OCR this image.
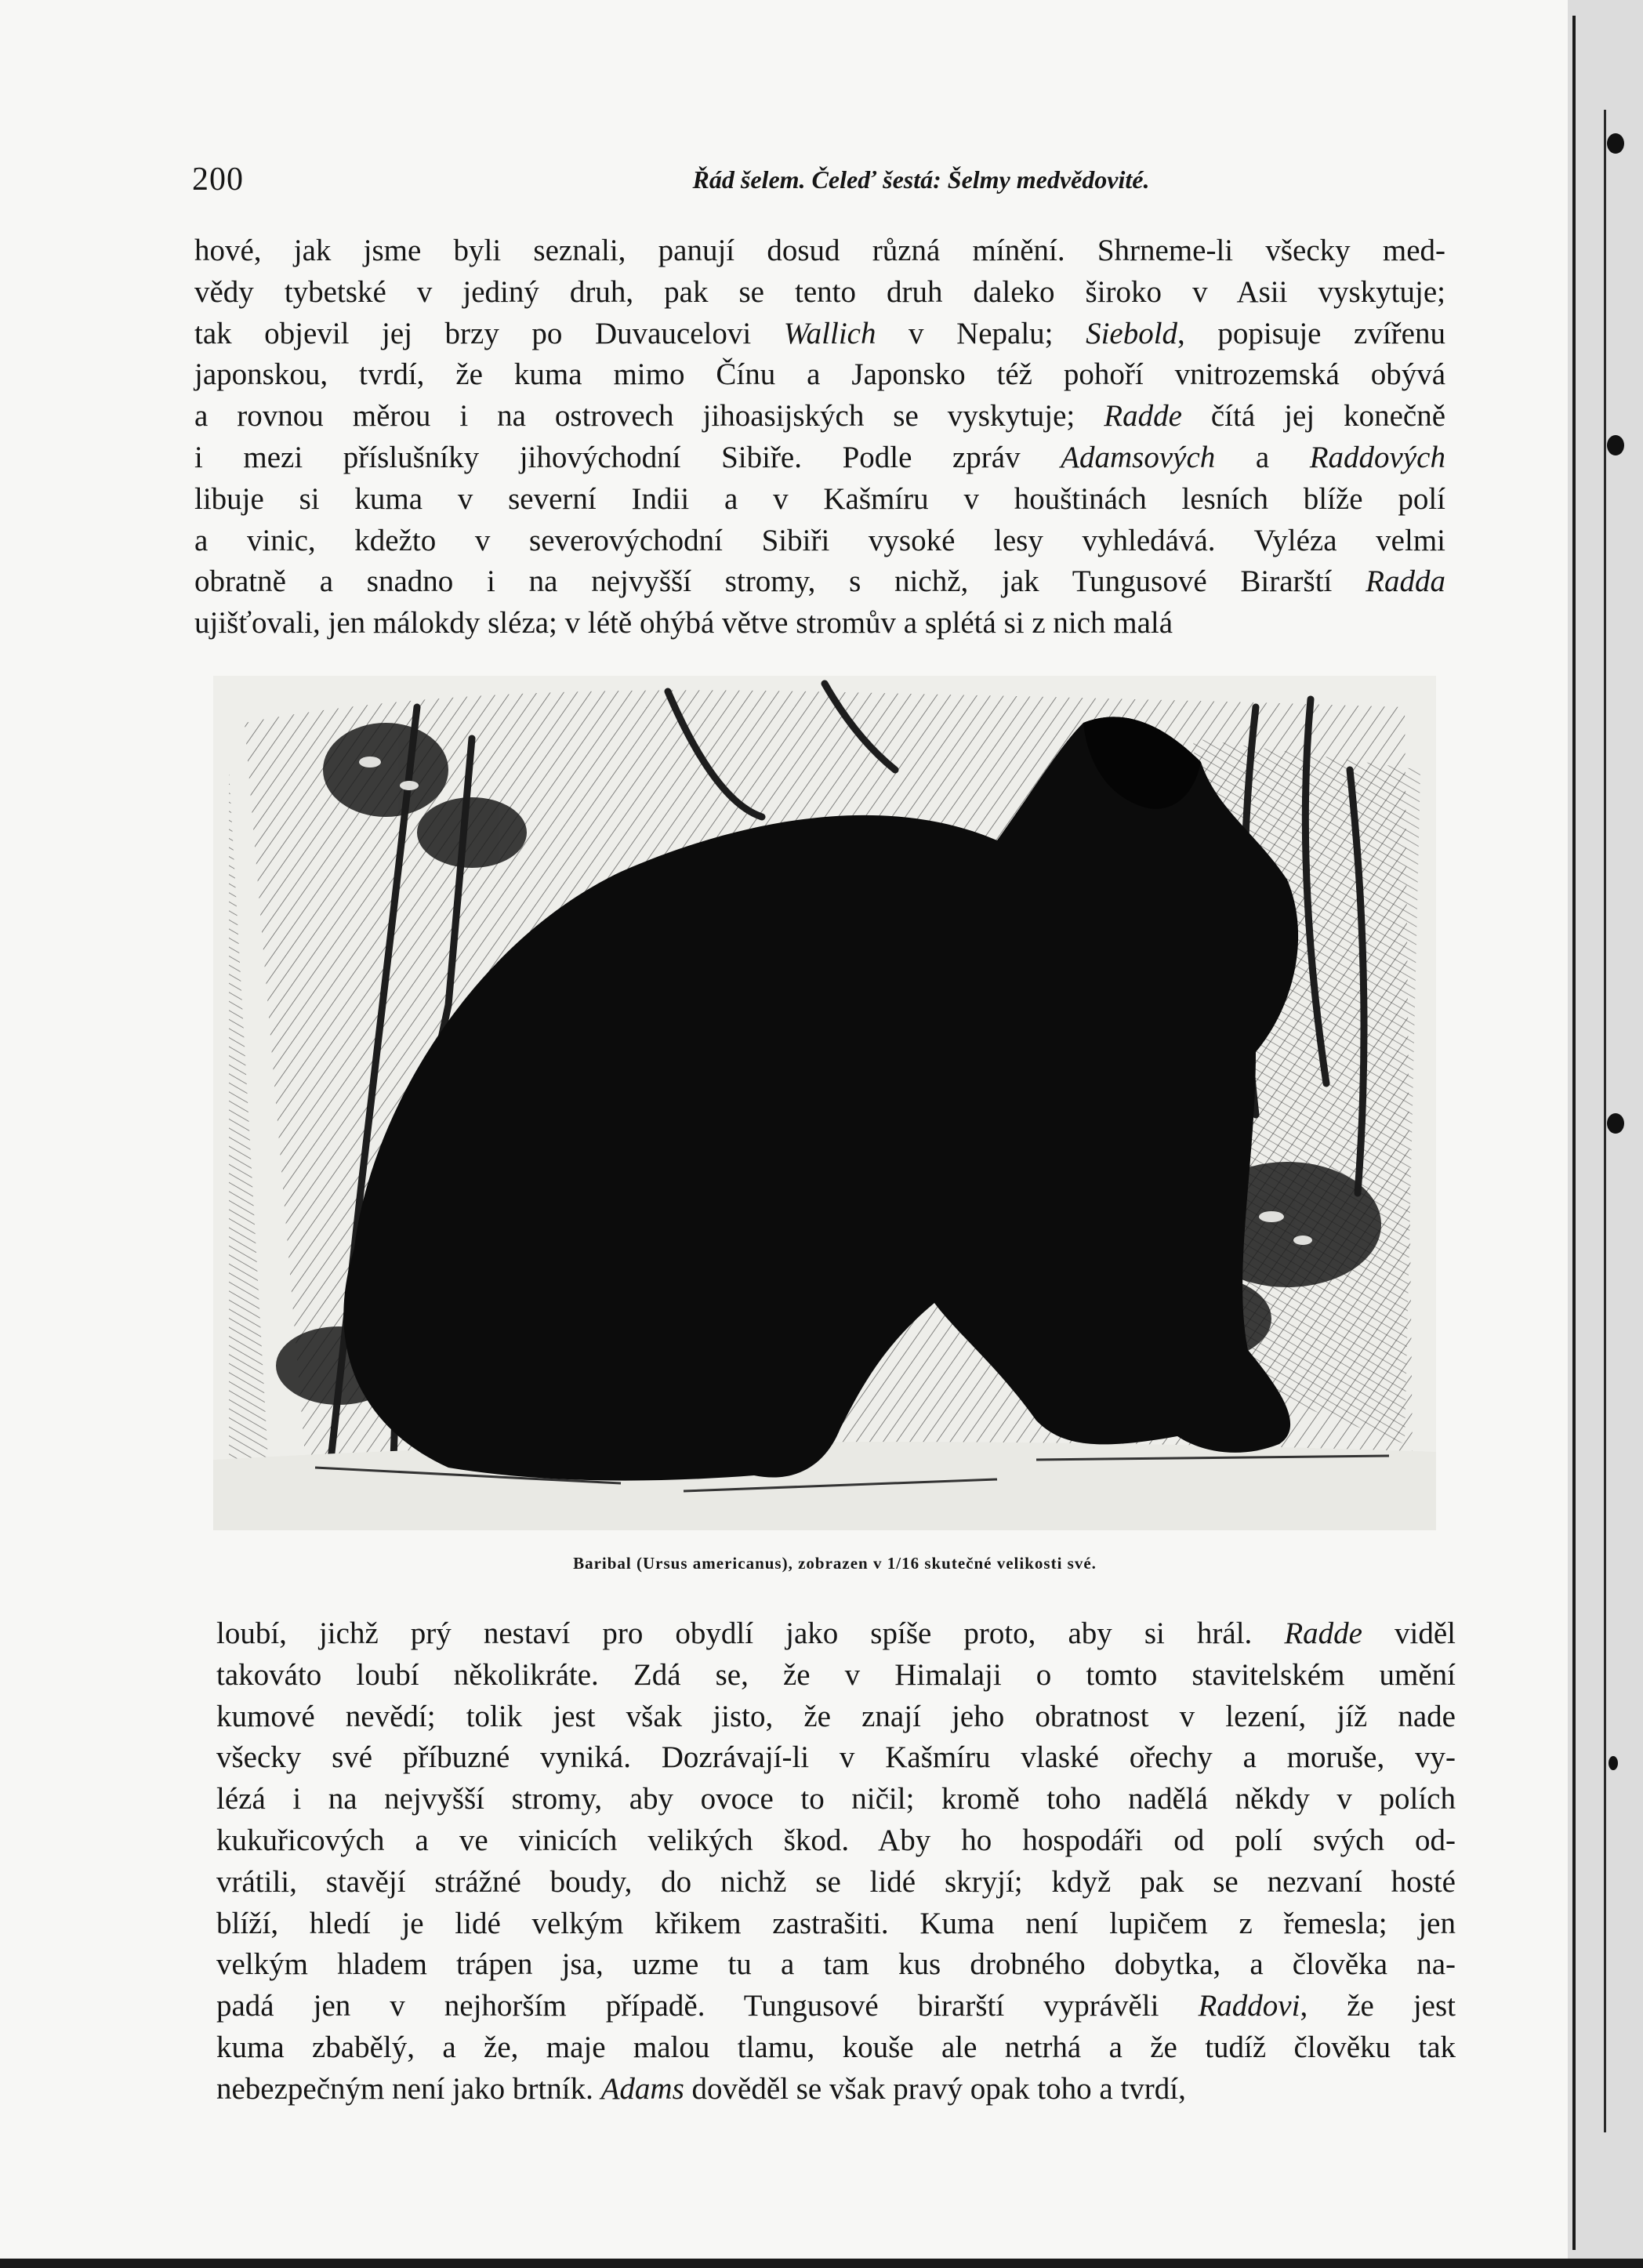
200	Řád šelem. Čeleď šestá: Šelmy medvědovité.
hové, jak jsme byli seznali, panují dosud různá mínění. Shrneme-li všecky med-
vědy tybetské v jediný druh, pak se tento druh daleko široko v Asii vyskytuje;
tak objevil jej brzy po Duvaucelovi Wallich v Nepalu; Siebold, popisuje zvířenu
japonskou, tvrdí, že kuma mimo Čínu a Japonsko též pohoří vnitrozemská obývá
a rovnou měrou i na ostrovech jihoasijských se vyskytuje; Radde čítá jej konečně
i mezi příslušníky jihovýchodní Sibiře. Podle zpráv Adamsových a Raddových
libuje si kuma v severní Indii a v Kašmíru v houštinách lesních blíže polí
a vinic, kdežto v severovýchodní Sibiři vysoké lesy vyhledává. Vyléza velmi
obratně a snadno i na nejvyšší stromy, s nichž, jak Tungusové Birarští Radda
ujišťovali, jen málokdy sléza; v létě ohýbá větve stromův a splétá si z nich malá
Baribal (Ursus americanus), zobrazen v 1/16 skutečné velikosti své.
loubí, jichž prý nestaví pro obydlí jako spíše proto, aby si hrál. Radde viděl
takováto loubí několikráte. Zdá se, že v Himalaji o tomto stavitelském umění
kumové nevědí; tolik jest však jisto, že znají jeho obratnost v lezení, jíž nade
všecky své příbuzné vyniká. Dozrávají-li v Kašmíru vlaské ořechy a moruše, vy-
lézá i na nejvyšší stromy, aby ovoce to ničil; kromě toho nadělá někdy v polích
kukuřicových a ve vinicích velikých škod. Aby ho hospodáři od polí svých od-
vrátili, stavějí strážné boudy, do nichž se lidé skryjí; když pak se nezvaní hosté
blíží, hledí je lidé velkým křikem zastrašiti. Kuma není lupičem z řemesla; jen
velkým hladem trápen jsa, uzme tu a tam kus drobného dobytka, a člověka na-
padá jen v nejhorším případě. Tungusové birarští vyprávěli Raddovi, že jest
kuma zbabělý, a že, maje malou tlamu, kouše ale netrhá a že tudíž člověku tak
nebezpečným není jako brtník. Adams dověděl se však pravý opak toho a tvrdí,
